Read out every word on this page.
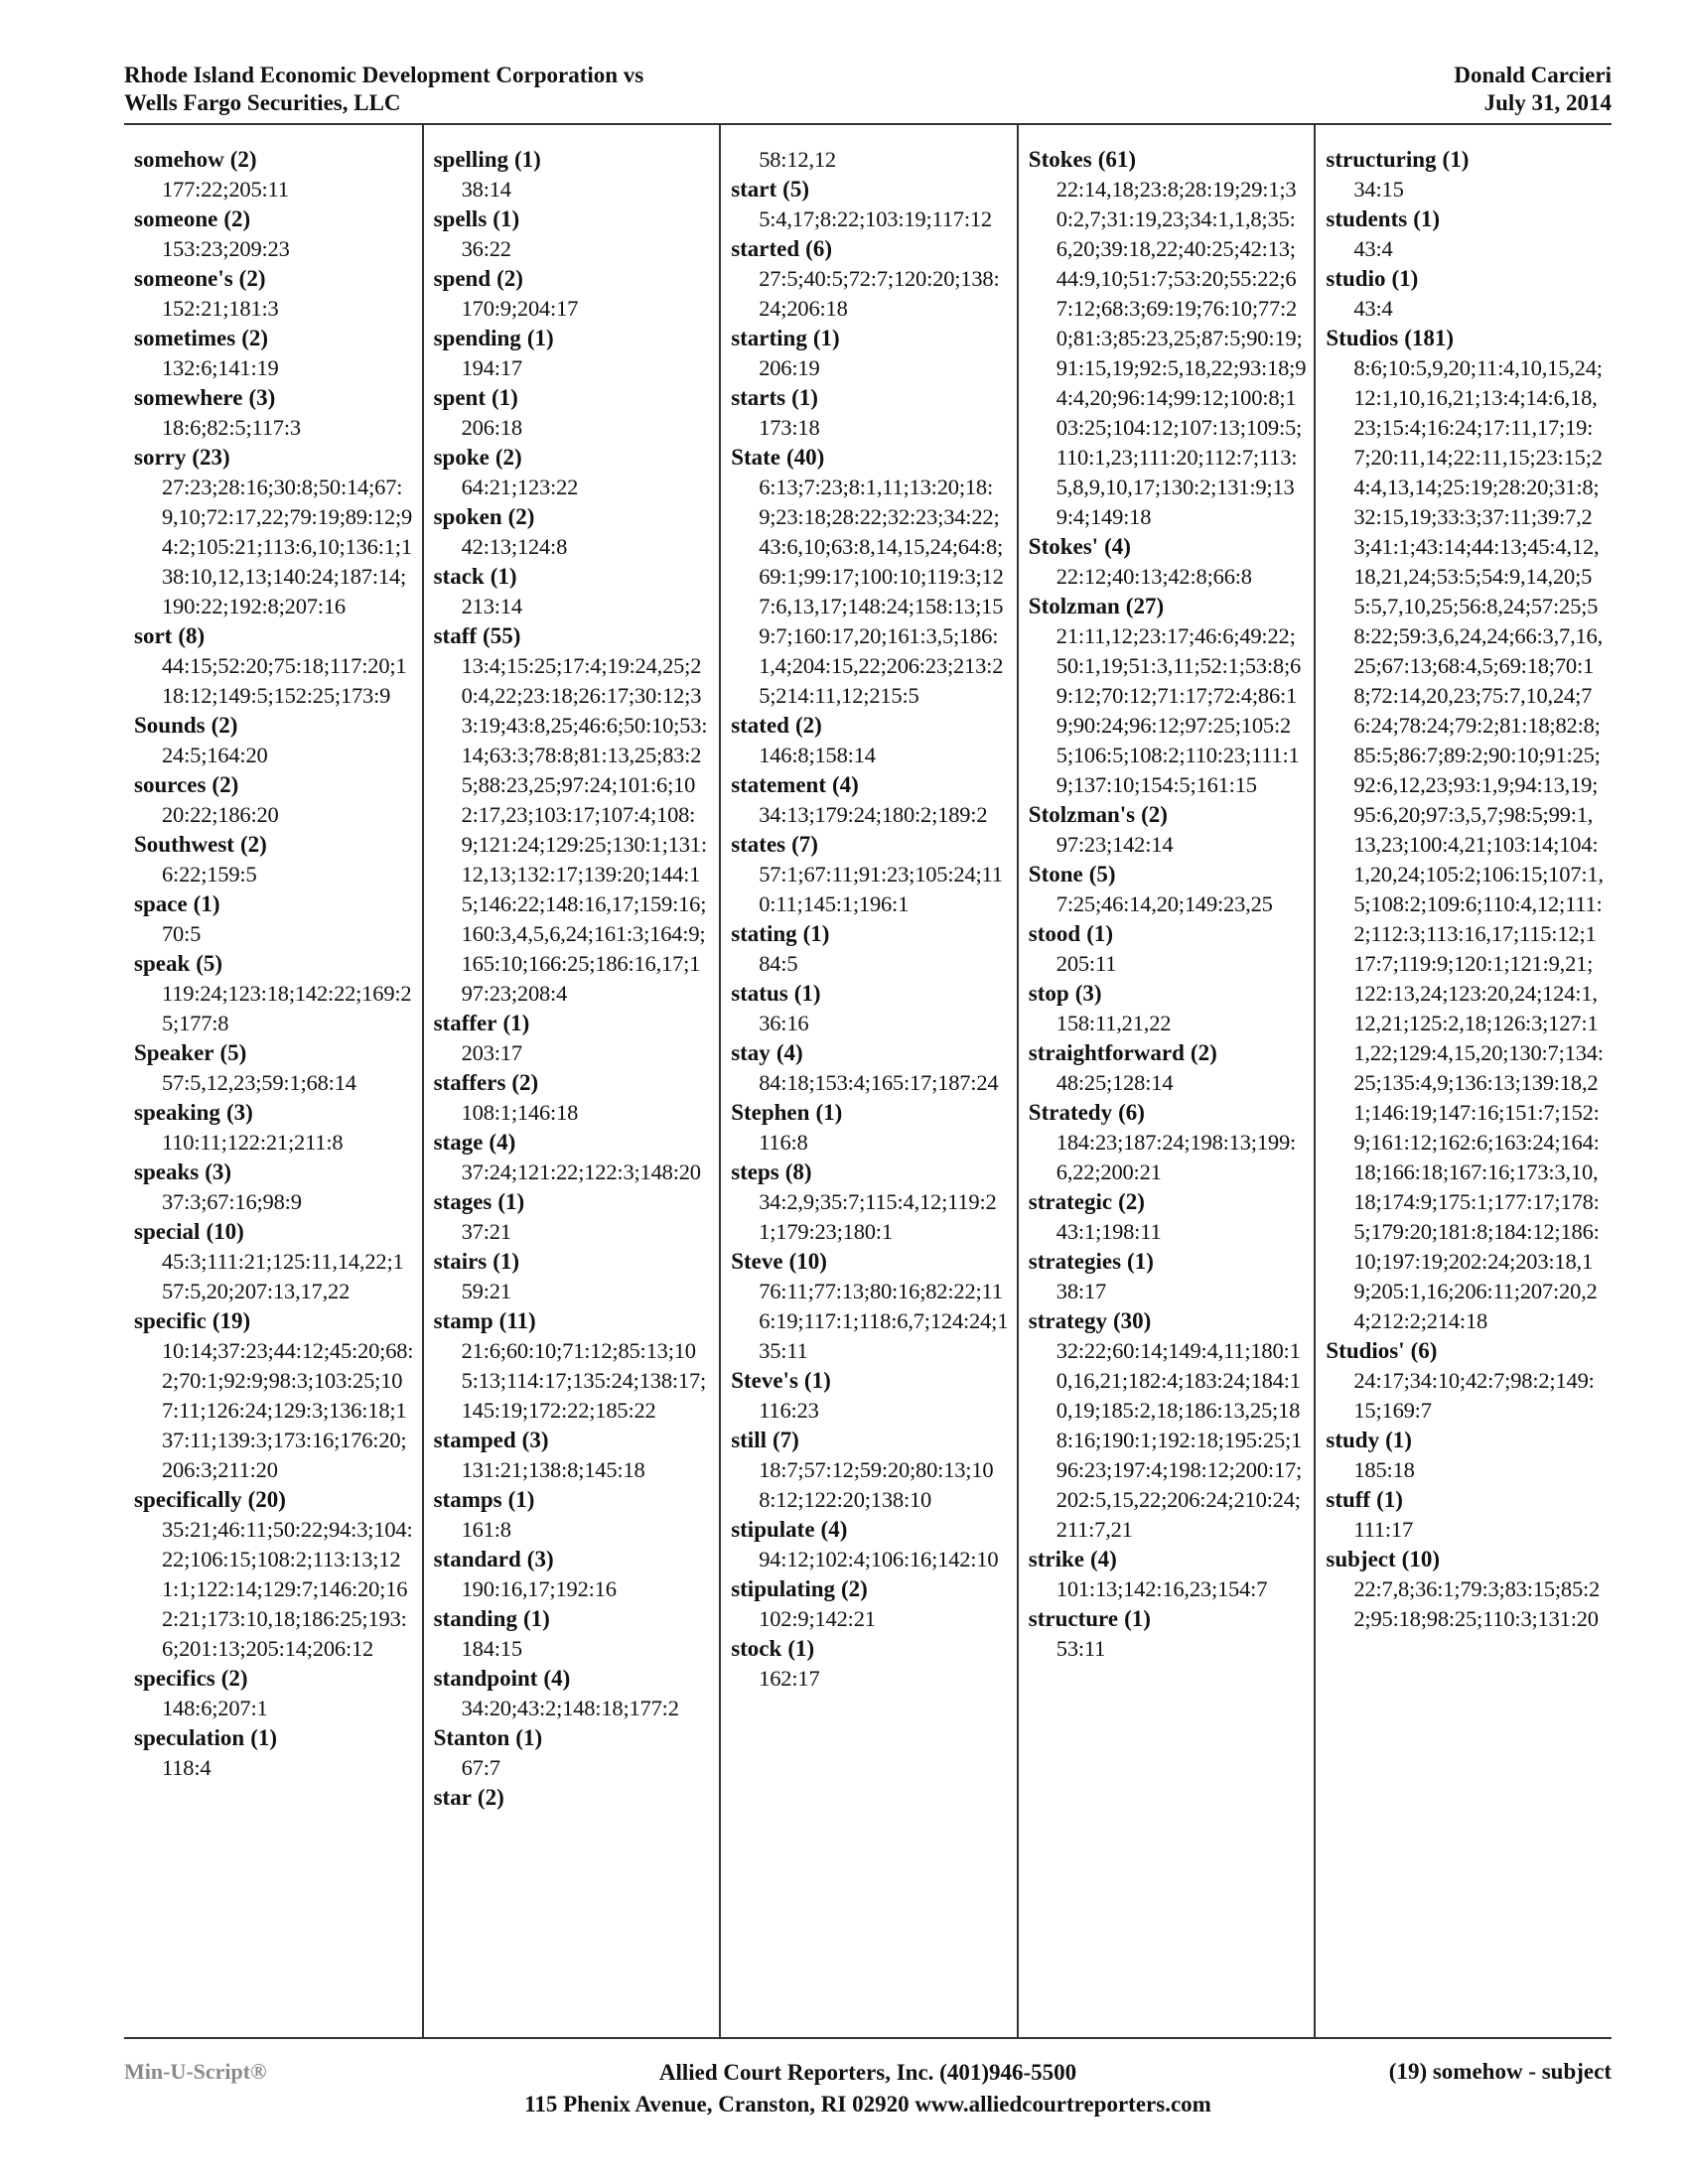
Rhode Island Economic Development Corporation vs
Wells Fargo Securities, LLC
Donald Carcieri
July 31, 2014
somehow (2)
177:22;205:11
someone (2)
153:23;209:23
someone's (2)
152:21;181:3
sometimes (2)
132:6;141:19
somewhere (3)
18:6;82:5;117:3
sorry (23)
27:23;28:16;30:8;50:14;67:9,10;72:17,22;79:19;89:12;94:2;105:21;113:6,10;136:1;138:10,12,13;140:24;187:14;190:22;192:8;207:16
sort (8)
44:15;52:20;75:18;117:20;118:12;149:5;152:25;173:9
Sounds (2)
24:5;164:20
sources (2)
20:22;186:20
Southwest (2)
6:22;159:5
space (1)
70:5
speak (5)
119:24;123:18;142:22;169:25;177:8
Speaker (5)
57:5,12,23;59:1;68:14
speaking (3)
110:11;122:21;211:8
speaks (3)
37:3;67:16;98:9
special (10)
45:3;111:21;125:11,14,22;157:5,20;207:13,17,22
specific (19)
10:14;37:23;44:12;45:20;68:2;70:1;92:9;98:3;103:25;107:11;126:24;129:3;136:18;137:11;139:3;173:16;176:20;206:3;211:20
specifically (20)
35:21;46:11;50:22;94:3;104:22;106:15;108:2;113:13;121:1;122:14;129:7;146:20;162:21;173:10,18;186:25;193:6;201:13;205:14;206:12
specifics (2)
148:6;207:1
speculation (1)
118:4
spelling (1)
38:14
spells (1)
36:22
spend (2)
170:9;204:17
spending (1)
194:17
spent (1)
206:18
spoke (2)
64:21;123:22
spoken (2)
42:13;124:8
stack (1)
213:14
staff (55)
13:4;15:25;17:4;19:24,25;20:4,22;23:18;26:17;30:12;33:19;43:8,25;46:6;50:10;53:14;63:3;78:8;81:13,25;83:25;88:23,25;97:24;101:6;102:17,23;103:17;107:4;108:9;121:24;129:25;130:1;131:12,13;132:17;139:20;144:15;146:22;148:16,17;159:16;160:3,4,5,6,24;161:3;164:9;165:10;166:25;186:16,17;197:23;208:4
staffer (1)
203:17
staffers (2)
108:1;146:18
stage (4)
37:24;121:22;122:3;148:20
stages (1)
37:21
stairs (1)
59:21
stamp (11)
21:6;60:10;71:12;85:13;105:13;114:17;135:24;138:17;145:19;172:22;185:22
stamped (3)
131:21;138:8;145:18
stamps (1)
161:8
standard (3)
190:16,17;192:16
standing (1)
184:15
standpoint (4)
34:20;43:2;148:18;177:2
Stanton (1)
67:7
star (2)
58:12,12
start (5)
5:4,17;8:22;103:19;117:12
started (6)
27:5;40:5;72:7;120:20;138:24;206:18
starting (1)
206:19
starts (1)
173:18
State (40)
6:13;7:23;8:1,11;13:20;18:9;23:18;28:22;32:23;34:22;43:6,10;63:8,14,15,24;64:8;69:1;99:17;100:10;119:3;127:6,13,17;148:24;158:13;159:7;160:17,20;161:3,5;186:1,4;204:15,22;206:23;213:25;214:11,12;215:5
stated (2)
146:8;158:14
statement (4)
34:13;179:24;180:2;189:2
states (7)
57:1;67:11;91:23;105:24;110:11;145:1;196:1
stating (1)
84:5
status (1)
36:16
stay (4)
84:18;153:4;165:17;187:24
Stephen (1)
116:8
steps (8)
34:2,9;35:7;115:4,12;119:21;179:23;180:1
Steve (10)
76:11;77:13;80:16;82:22;116:19;117:1;118:6,7;124:24;135:11
Steve's (1)
116:23
still (7)
18:7;57:12;59:20;80:13;108:12;122:20;138:10
stipulate (4)
94:12;102:4;106:16;142:10
stipulating (2)
102:9;142:21
stock (1)
162:17
Stokes (61)
22:14,18;23:8;28:19;29:1;30:2,7;31:19,23;34:1,1,8;35:6,20;39:18,22;40:25;42:13;44:9,10;51:7;53:20;55:22;67:12;68:3;69:19;76:10;77:20;81:3;85:23,25;87:5;90:19;91:15,19;92:5,18,22;93:18;94:4,20;96:14;99:12;100:8;103:25;104:12;107:13;109:5;110:1,23;111:20;112:7;113:5,8,9,10,17;130:2;131:9;139:4;149:18
Stokes' (4)
22:12;40:13;42:8;66:8
Stolzman (27)
21:11,12;23:17;46:6;49:22;50:1,19;51:3,11;52:1;53:8;69:12;70:12;71:17;72:4;86:19;90:24;96:12;97:25;105:25;106:5;108:2;110:23;111:19;137:10;154:5;161:15
Stolzman's (2)
97:23;142:14
Stone (5)
7:25;46:14,20;149:23,25
stood (1)
205:11
stop (3)
158:11,21,22
straightforward (2)
48:25;128:14
Stratedy (6)
184:23;187:24;198:13;199:6,22;200:21
strategic (2)
43:1;198:11
strategies (1)
38:17
strategy (30)
32:22;60:14;149:4,11;180:10,16,21;182:4;183:24;184:10,19;185:2,18;186:13,25;188:16;190:1;192:18;195:25;196:23;197:4;198:12;200:17;202:5,15,22;206:24;210:24;211:7,21
strike (4)
101:13;142:16,23;154:7
structure (1)
53:11
structuring (1)
34:15
students (1)
43:4
studio (1)
43:4
Studios (181)
8:6;10:5,9,20;11:4,10,15,24;12:1,10,16,21;13:4;14:6,18,23;15:4;16:24;17:11,17;19:7;20:11,14;22:11,15;23:15;24:4,13,14;25:19;28:20;31:8;32:15,19;33:3;37:11;39:7,23;41:1;43:14;44:13;45:4,12,18,21,24;53:5;54:9,14,20;55:5,7,10,25;56:8,24;57:25;58:22;59:3,6,24,24;66:3,7,16,25;67:13;68:4,5;69:18;70:18;72:14,20,23;75:7,10,24;76:24;78:24;79:2;81:18;82:8;85:5;86:7;89:2;90:10;91:25;92:6,12,23;93:1,9;94:13,19;95:6,20;97:3,5,7;98:5;99:1,13,23;100:4,21;103:14;104:1,20,24;105:2;106:15;107:1,5;108:2;109:6;110:4,12;111:2;112:3;113:16,17;115:12;117:7;119:9;120:1;121:9,21;122:13,24;123:20,24;124:1,12,21;125:2,18;126:3;127:11,22;129:4,15,20;130:7;134:25;135:4,9;136:13;139:18,21;146:19;147:16;151:7;152:9;161:12;162:6;163:24;164:18;166:18;167:16;173:3,10,18;174:9;175:1;177:17;178:5;179:20;181:8;184:12;186:10;197:19;202:24;203:18,19;205:1,16;206:11;207:20,24;212:2;214:18
Studios' (6)
24:17;34:10;42:7;98:2;149:15;169:7
study (1)
185:18
stuff (1)
111:17
subject (10)
22:7,8;36:1;79:3;83:15;85:22;95:18;98:25;110:3;131:20
Min-U-Script®	Allied Court Reporters, Inc. (401)946-5500
115 Phenix Avenue, Cranston, RI 02920 www.alliedcourtreporters.com
(19) somehow - subject
